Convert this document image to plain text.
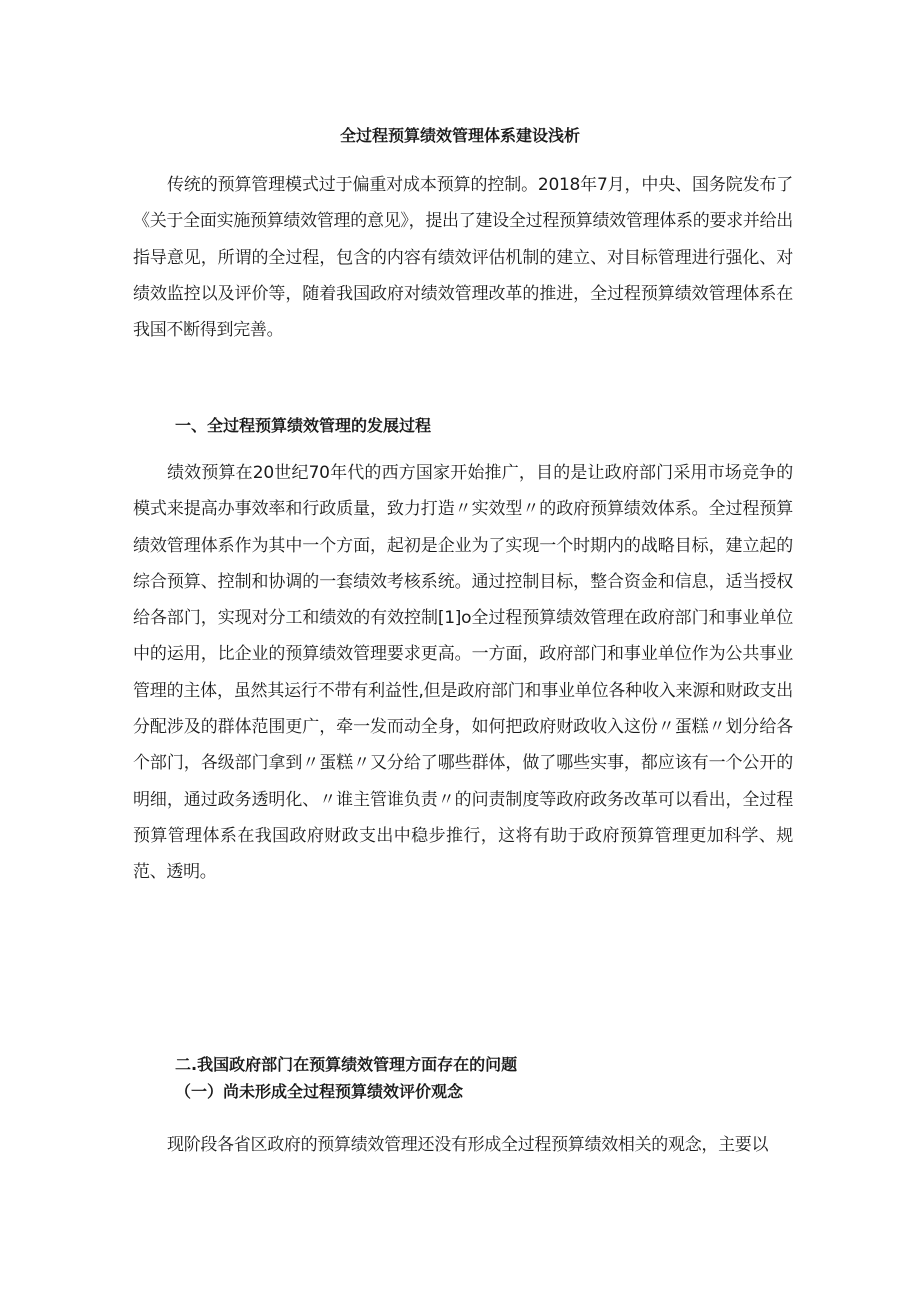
全过程预算绩效管理体系建设浅析

传统的预算管理模式过于偏重对成本预算的控制。2018年7月，中央、国务院发布了《关于全面实施预算绩效管理的意见》，提出了建设全过程预算绩效管理体系的要求并给出指导意见，所谓的全过程，包含的内容有绩效评估机制的建立、对目标管理进行强化、对绩效监控以及评价等，随着我国政府对绩效管理改革的推进，全过程预算绩效管理体系在我国不断得到完善。

一、全过程预算绩效管理的发展过程

绩效预算在20世纪70年代的西方国家开始推广，目的是让政府部门采用市场竞争的模式来提高办事效率和行政质量，致力打造〃实效型〃的政府预算绩效体系。全过程预算绩效管理体系作为其中一个方面，起初是企业为了实现一个时期内的战略目标，建立起的综合预算、控制和协调的一套绩效考核系统。通过控制目标，整合资金和信息，适当授权给各部门，实现对分工和绩效的有效控制[1]o全过程预算绩效管理在政府部门和事业单位中的运用，比企业的预算绩效管理要求更高。一方面，政府部门和事业单位作为公共事业管理的主体，虽然其运行不带有利益性,但是政府部门和事业单位各种收入来源和财政支出分配涉及的群体范围更广，牵一发而动全身，如何把政府财政收入这份〃蛋糕〃划分给各个部门，各级部门拿到〃蛋糕〃又分给了哪些群体，做了哪些实事，都应该有一个公开的明细，通过政务透明化、〃谁主管谁负责〃的问责制度等政府政务改革可以看出，全过程预算管理体系在我国政府财政支出中稳步推行，这将有助于政府预算管理更加科学、规范、透明。

二.我国政府部门在预算绩效管理方面存在的问题
（一）尚未形成全过程预算绩效评价观念

现阶段各省区政府的预算绩效管理还没有形成全过程预算绩效相关的观念，主要以
